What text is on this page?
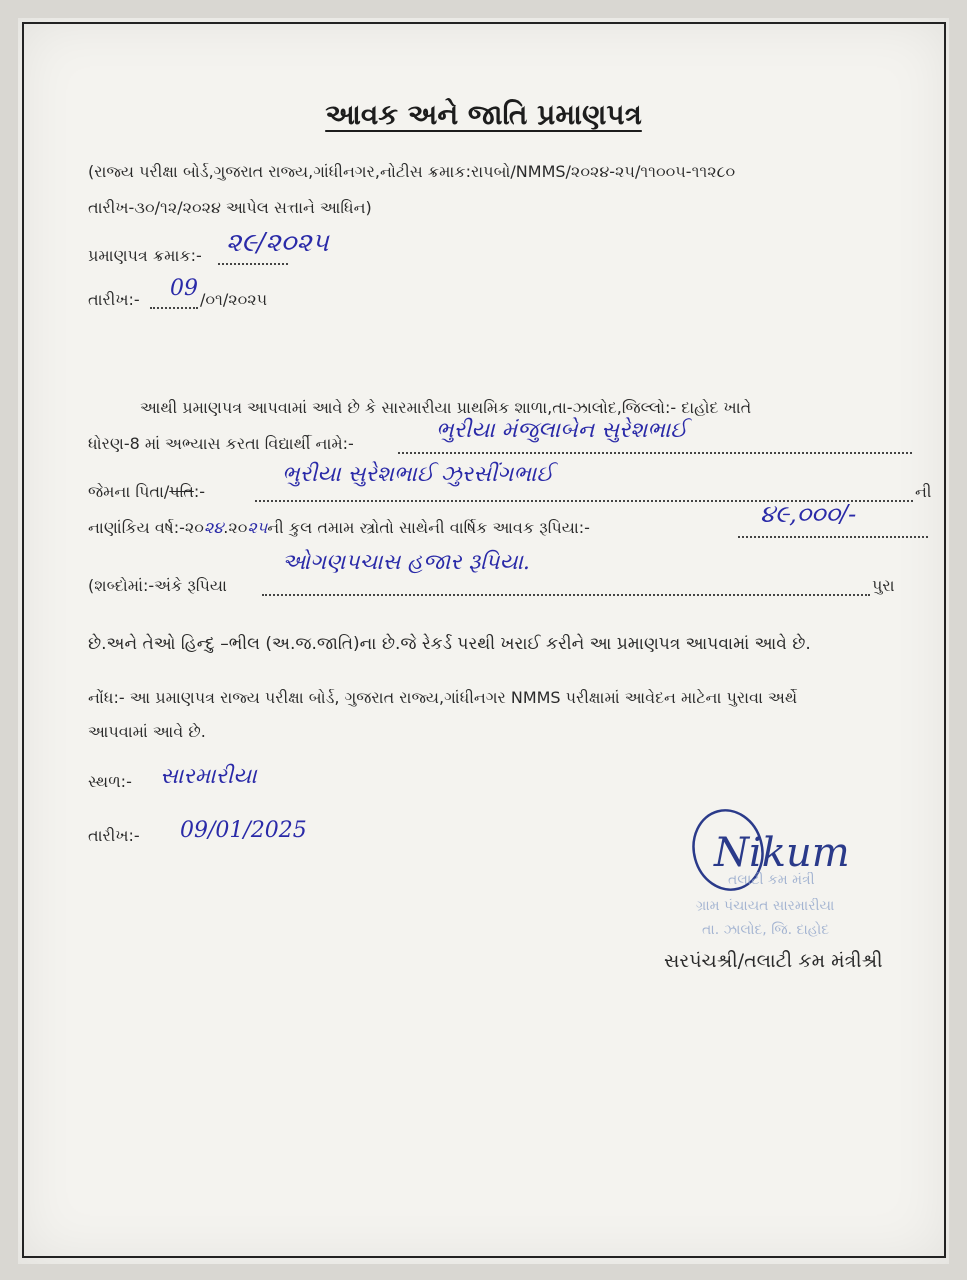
આવક અને જાતિ પ્રમાણપત્ર
(રાજ્ય પરીક્ષા બોર્ડ,ગુજરાત રાજ્ય,ગાંધીનગર,નોટીસ ક્રમાક:રાપબો/NMMS/૨૦૨૪-૨૫/૧૧૦૦૫-૧૧૨૮૦
તારીખ-૩૦/૧૨/૨૦૨૪ આપેલ સત્તાને આધિન)
પ્રમાણપત્ર ક્રમાક:- ૨૯/૨૦૨૫
તારીખ:- 09 /૦૧/૨૦૨૫
આથી પ્રમાણપત્ર આપવામાં આવે છે કે સારમારીયા પ્રાથમિક શાળા,તા-ઝાલોદ,જિલ્લો:- દાહોદ ખાતે
ધોરણ-8 માં અભ્યાસ કરતા વિદ્યાર્થી નામે:-
ભુરીયા મંજુલાબેન સુરેશભાઈ
જેમના પિતા/પતિ:-
ભુરીયા સુરેશભાઈ ઝુરસીંગભાઈ
ની
નાણાંકિય વર્ષ:-૨૦૨૪.૨૦૨૫ની કુલ તમામ સ્ત્રોતો સાથેની વાર્ષિક આવક રૂપિયા:-	૪૯,૦૦૦/-
(શબ્દોમાં:-અંકે રૂપિયા
ઓગણપચાસ હજાર રૂપિયા.
પુરા
છે.અને તેઓ હિન્દુ –ભીલ (અ.જ.જાતિ)ના છે.જે રેકર્ડ પરથી ખરાઈ કરીને આ પ્રમાણપત્ર આપવામાં આવે છે.
નોંધ:- આ પ્રમાણપત્ર રાજ્ય પરીક્ષા બોર્ડ, ગુજરાત રાજ્ય,ગાંધીનગર NMMS પરીક્ષામાં આવેદન માટેના પુરાવા અર્થે
આપવામાં આવે છે.
સ્થળ:- સારમારીયા
તારીખ:- 09/01/2025	Nikum
તલાટી કમ મંત્રી
ગ્રામ પંચાયત સારમારીયા
તા. ઝાલોદ, જિ. દાહોદ
સરપંચશ્રી/તલાટી કમ મંત્રીશ્રી
